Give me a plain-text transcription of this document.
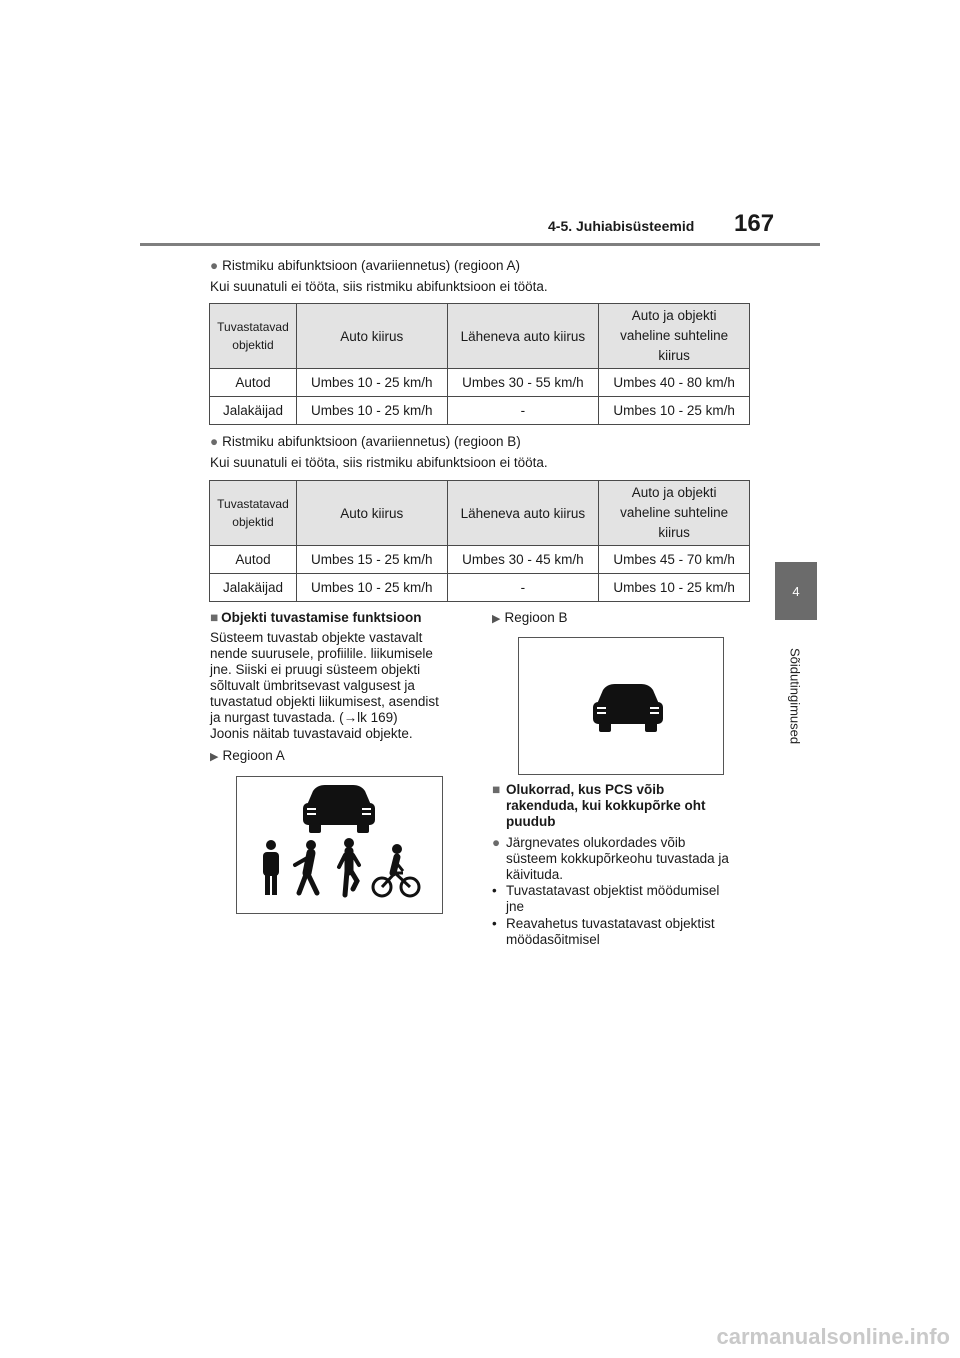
4-5. Juhiabisüsteemid 167
4
Sõidutingimused
● Ristmiku abifunktsioon (avariiennetus) (regioon A)
Kui suunatuli ei tööta, siis ristmiku abifunktsioon ei tööta.
Tuvastatavad objektid	Auto kiirus	Läheneva auto kiirus	Auto ja objekti vaheline suhteline kiirus
Autod	Umbes 10 - 25 km/h	Umbes 30 - 55 km/h	Umbes 40 - 80 km/h
Jalakäijad	Umbes 10 - 25 km/h	-	Umbes 10 - 25 km/h
● Ristmiku abifunktsioon (avariiennetus) (regioon B)
Kui suunatuli ei tööta, siis ristmiku abifunktsioon ei tööta.
Tuvastatavad objektid	Auto kiirus	Läheneva auto kiirus	Auto ja objekti vaheline suhteline kiirus
Autod	Umbes 15 - 25 km/h	Umbes 30 - 45 km/h	Umbes 45 - 70 km/h
Jalakäijad	Umbes 10 - 25 km/h	-	Umbes 10 - 25 km/h
■ Objekti tuvastamise funktsioon
Süsteem tuvastab objekte vastavalt
nende suurusele, profiilile. liikumisele
jne. Siiski ei pruugi süsteem objekti
sõltuvalt ümbritsevast valgusest ja
tuvastatud objekti liikumisest, asendist
ja nurgast tuvastada. (→lk 169)
Joonis näitab tuvastavaid objekte.
▶ Regioon A
▶ Regioon B
■ Olukorrad, kus PCS võib
rakenduda, kui kokkupõrke oht
puudub
● Järgnevates olukordades võib
süsteem kokkupõrkeohu tuvastada ja
käivituda.
• Tuvastatavast objektist möödumisel
jne
• Reavahetus tuvastatavast objektist
möödasõitmisel
carmanualsonline.info
